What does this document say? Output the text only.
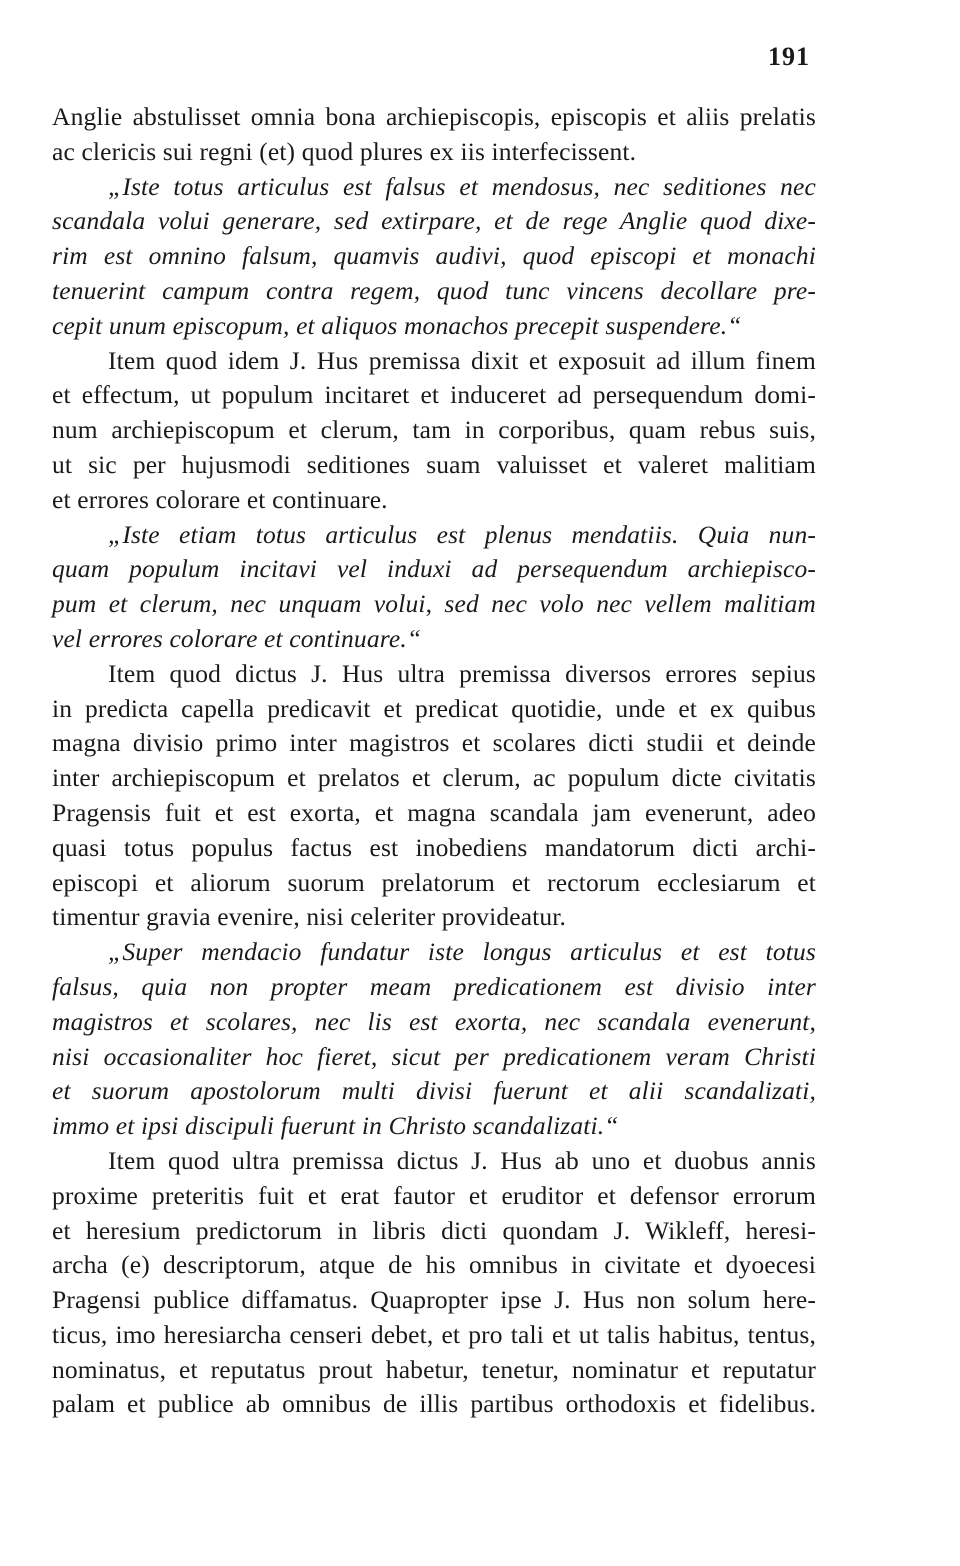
191
Anglie abstulisset omnia bona archiepiscopis, episcopis et aliis prelatis
ac clericis sui regni (et) quod plures ex iis interfecissent.
„Iste totus articulus est falsus et mendosus, nec seditiones nec
scandala volui generare, sed extirpare, et de rege Anglie quod dixe-
rim est omnino falsum, quamvis audivi, quod episcopi et monachi
tenuerint campum contra regem, quod tunc vincens decollare pre-
cepit unum episcopum, et aliquos monachos precepit suspendere.“
Item quod idem J. Hus premissa dixit et exposuit ad illum finem
et effectum, ut populum incitaret et induceret ad persequendum domi-
num archiepiscopum et clerum, tam in corporibus, quam rebus suis,
ut sic per hujusmodi seditiones suam valuisset et valeret malitiam
et errores colorare et continuare.
„Iste etiam totus articulus est plenus mendatiis. Quia nun-
quam populum incitavi vel induxi ad persequendum archiepisco-
pum et clerum, nec unquam volui, sed nec volo nec vellem malitiam
vel errores colorare et continuare.“
Item quod dictus J. Hus ultra premissa diversos errores sepius
in predicta capella predicavit et predicat quotidie, unde et ex quibus
magna divisio primo inter magistros et scolares dicti studii et deinde
inter archiepiscopum et prelatos et clerum, ac populum dicte civitatis
Pragensis fuit et est exorta, et magna scandala jam evenerunt, adeo
quasi totus populus factus est inobediens mandatorum dicti archi-
episcopi et aliorum suorum prelatorum et rectorum ecclesiarum et
timentur gravia evenire, nisi celeriter provideatur.
„Super mendacio fundatur iste longus articulus et est totus
falsus, quia non propter meam predicationem est divisio inter
magistros et scolares, nec lis est exorta, nec scandala evenerunt,
nisi occasionaliter hoc fieret, sicut per predicationem veram Christi
et suorum apostolorum multi divisi fuerunt et alii scandalizati,
immo et ipsi discipuli fuerunt in Christo scandalizati.“
Item quod ultra premissa dictus J. Hus ab uno et duobus annis
proxime preteritis fuit et erat fautor et eruditor et defensor errorum
et heresium predictorum in libris dicti quondam J. Wikleff, heresi-
archa (e) descriptorum, atque de his omnibus in civitate et dyoecesi
Pragensi publice diffamatus. Quapropter ipse J. Hus non solum here-
ticus, imo heresiarcha censeri debet, et pro tali et ut talis habitus, tentus,
nominatus, et reputatus prout habetur, tenetur, nominatur et reputatur
palam et publice ab omnibus de illis partibus orthodoxis et fidelibus.
